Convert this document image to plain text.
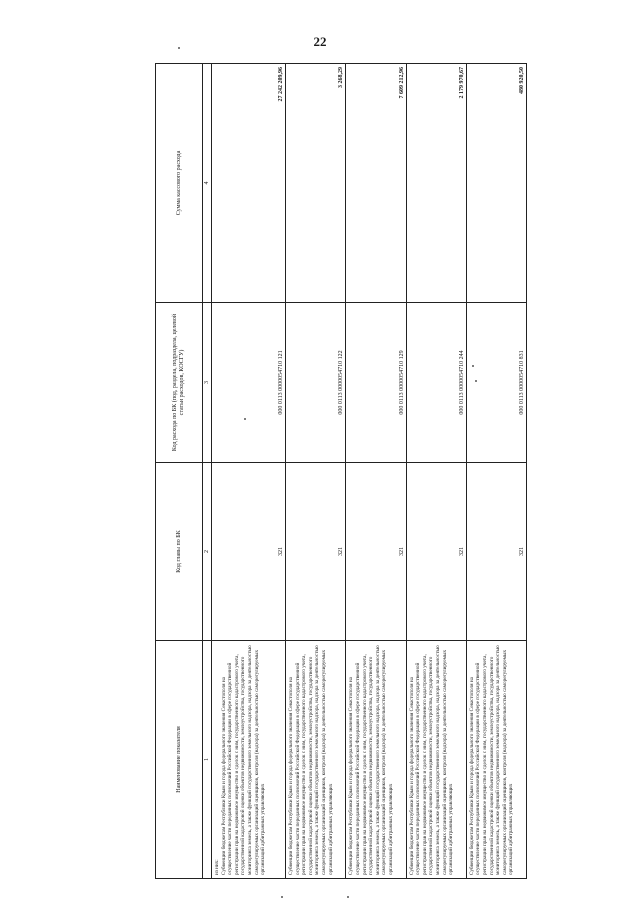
22
Наименование показателя	Код главы по БК	Код расхода по БК (под, раздела, подраздела, целевой статьи расходов, КОСГУ)	Сумма кассового расхода
1	2	3	4

из них: Субвенции бюджетам Республики Крым и города федерального значения Севастополя на осуществление части переданных полномочий Российской Федерации в сфере государственной регистрации прав на недвижимое имущество и сделок с ним, государственного кадастрового учета, государственной кадастровой оценки объектов недвижимости, землеустройства, государственного мониторинга земель, а также функций государственного земельного надзора, надзора за деятельностью саморегулируемых организаций оценщиков, контроля (надзора) за деятельностью саморегулируемых организаций арбитражных управляющих	321	000 0113 0000054710 121	27 242 209,96
Субвенции бюджетам Республики Крым и города федерального значения Севастополя на осуществление части переданных полномочий Российской Федерации в сфере государственной регистрации прав на недвижимое имущество и сделок с ним, государственного кадастрового учета, государственной кадастровой оценки объектов недвижимости, землеустройства, государственного мониторинга земель, а также функций государственного земельного надзора, надзора за деятельностью саморегулируемых организаций оценщиков, контроля (надзора) за деятельностью саморегулируемых организаций арбитражных управляющих	321	000 0113 0000054710 122	3 268,29
Субвенции бюджетам Республики Крым и города федерального значения Севастополя на осуществление части переданных полномочий Российской Федерации в сфере государственной регистрации прав на недвижимое имущество и сделок с ним, государственного кадастрового учета, государственной кадастровой оценки объектов недвижимости, землеустройства, государственного мониторинга земель, а также функций государственного земельного надзора, надзора за деятельностью саморегулируемых организаций оценщиков, контроля (надзора) за деятельностью саморегулируемых организаций арбитражных управляющих	321	000 0113 0000054710 129	7 609 212,96
Субвенции бюджетам Республики Крым и города федерального значения Севастополя на осуществление части переданных полномочий Российской Федерации в сфере государственной регистрации прав на недвижимое имущество и сделок с ним, государственного кадастрового учета, государственной кадастровой оценки объектов недвижимости, землеустройства, государственного мониторинга земель, а также функций государственного земельного надзора, надзора за деятельностью саморегулируемых организаций оценщиков, контроля (надзора) за деятельностью саморегулируемых организаций арбитражных управляющих	321	000 0113 0000054710 244	2 179 970,67
Субвенции бюджетам Республики Крым и города федерального значения Севастополя на осуществление части переданных полномочий Российской Федерации в сфере государственной регистрации прав на недвижимое имущество и сделок с ним, государственного кадастрового учета, государственной кадастровой оценки объектов недвижимости, землеустройства, государственного мониторинга земель, а также функций государственного земельного надзора, надзора за деятельностью саморегулируемых организаций оценщиков, контроля (надзора) за деятельностью саморегулируемых организаций арбитражных управляющих	321	000 0113 0000054710 831	480 920,50
